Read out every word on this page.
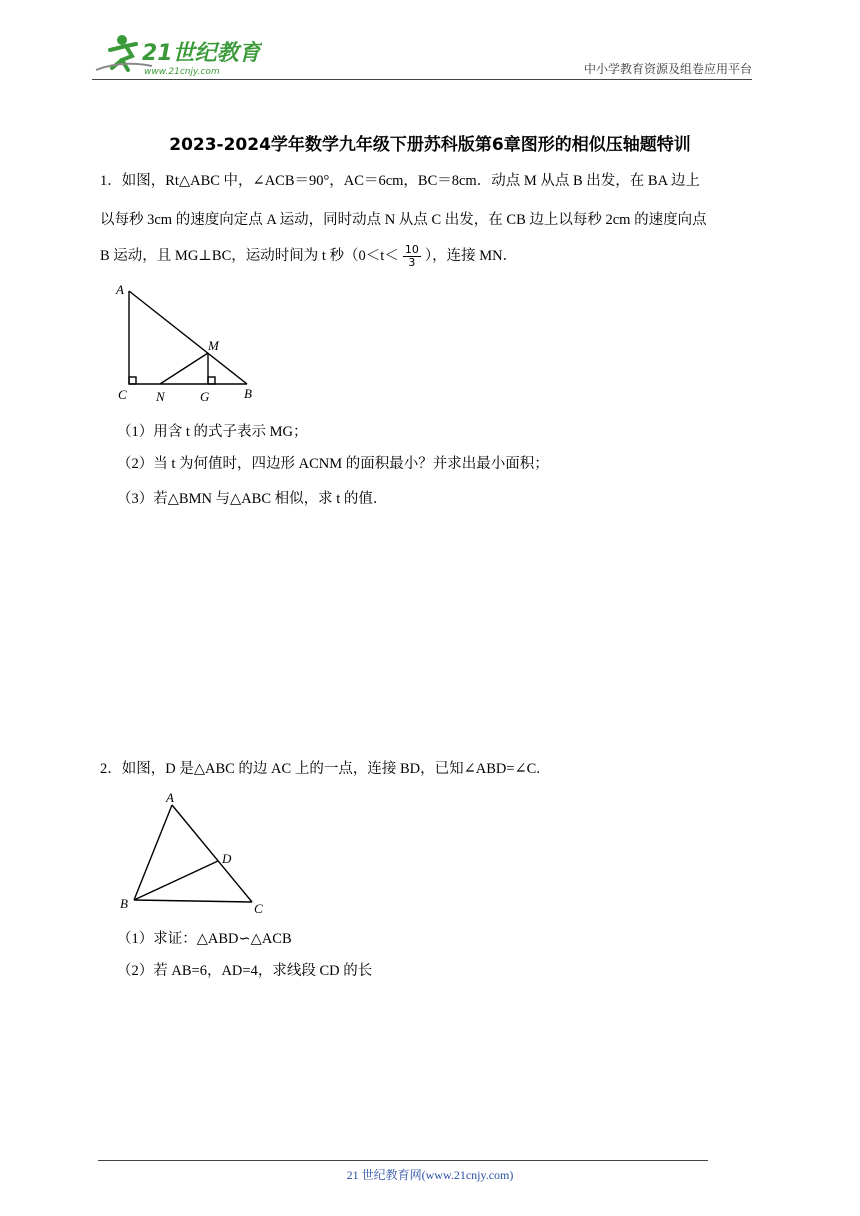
21世纪教育
www.21cnjy.com	中小学教育资源及组卷应用平台
2023-2024学年数学九年级下册苏科版第6章图形的相似压轴题特训
1．如图，Rt△ABC 中，∠ACB＝90°，AC＝6cm，BC＝8cm．动点 M 从点 B 出发，在 BA 边上
以每秒 3cm 的速度向定点 A 运动，同时动点 N 从点 C 出发，在 CB 边上以每秒 2cm 的速度向点
B 运动，且 MG⊥BC，运动时间为 t 秒（$0<t< \frac{10}{3}$ ），连接 MN．
A
M
C N	G	B
（1）用含 t 的式子表示 MG；
（2）当 t 为何值时，四边形 ACNM 的面积最小？并求出最小面积；
（3）若△BMN 与△ABC 相似，求 t 的值．
2．如图，D 是△ABC 的边 AC 上的一点，连接 BD，已知∠ABD=∠C.
A
D
B	C
（1）求证：△ABD∽△ACB
（2）若 AB=6，AD=4，求线段 CD 的长
21 世纪教育网(www.21cnjy.com)
